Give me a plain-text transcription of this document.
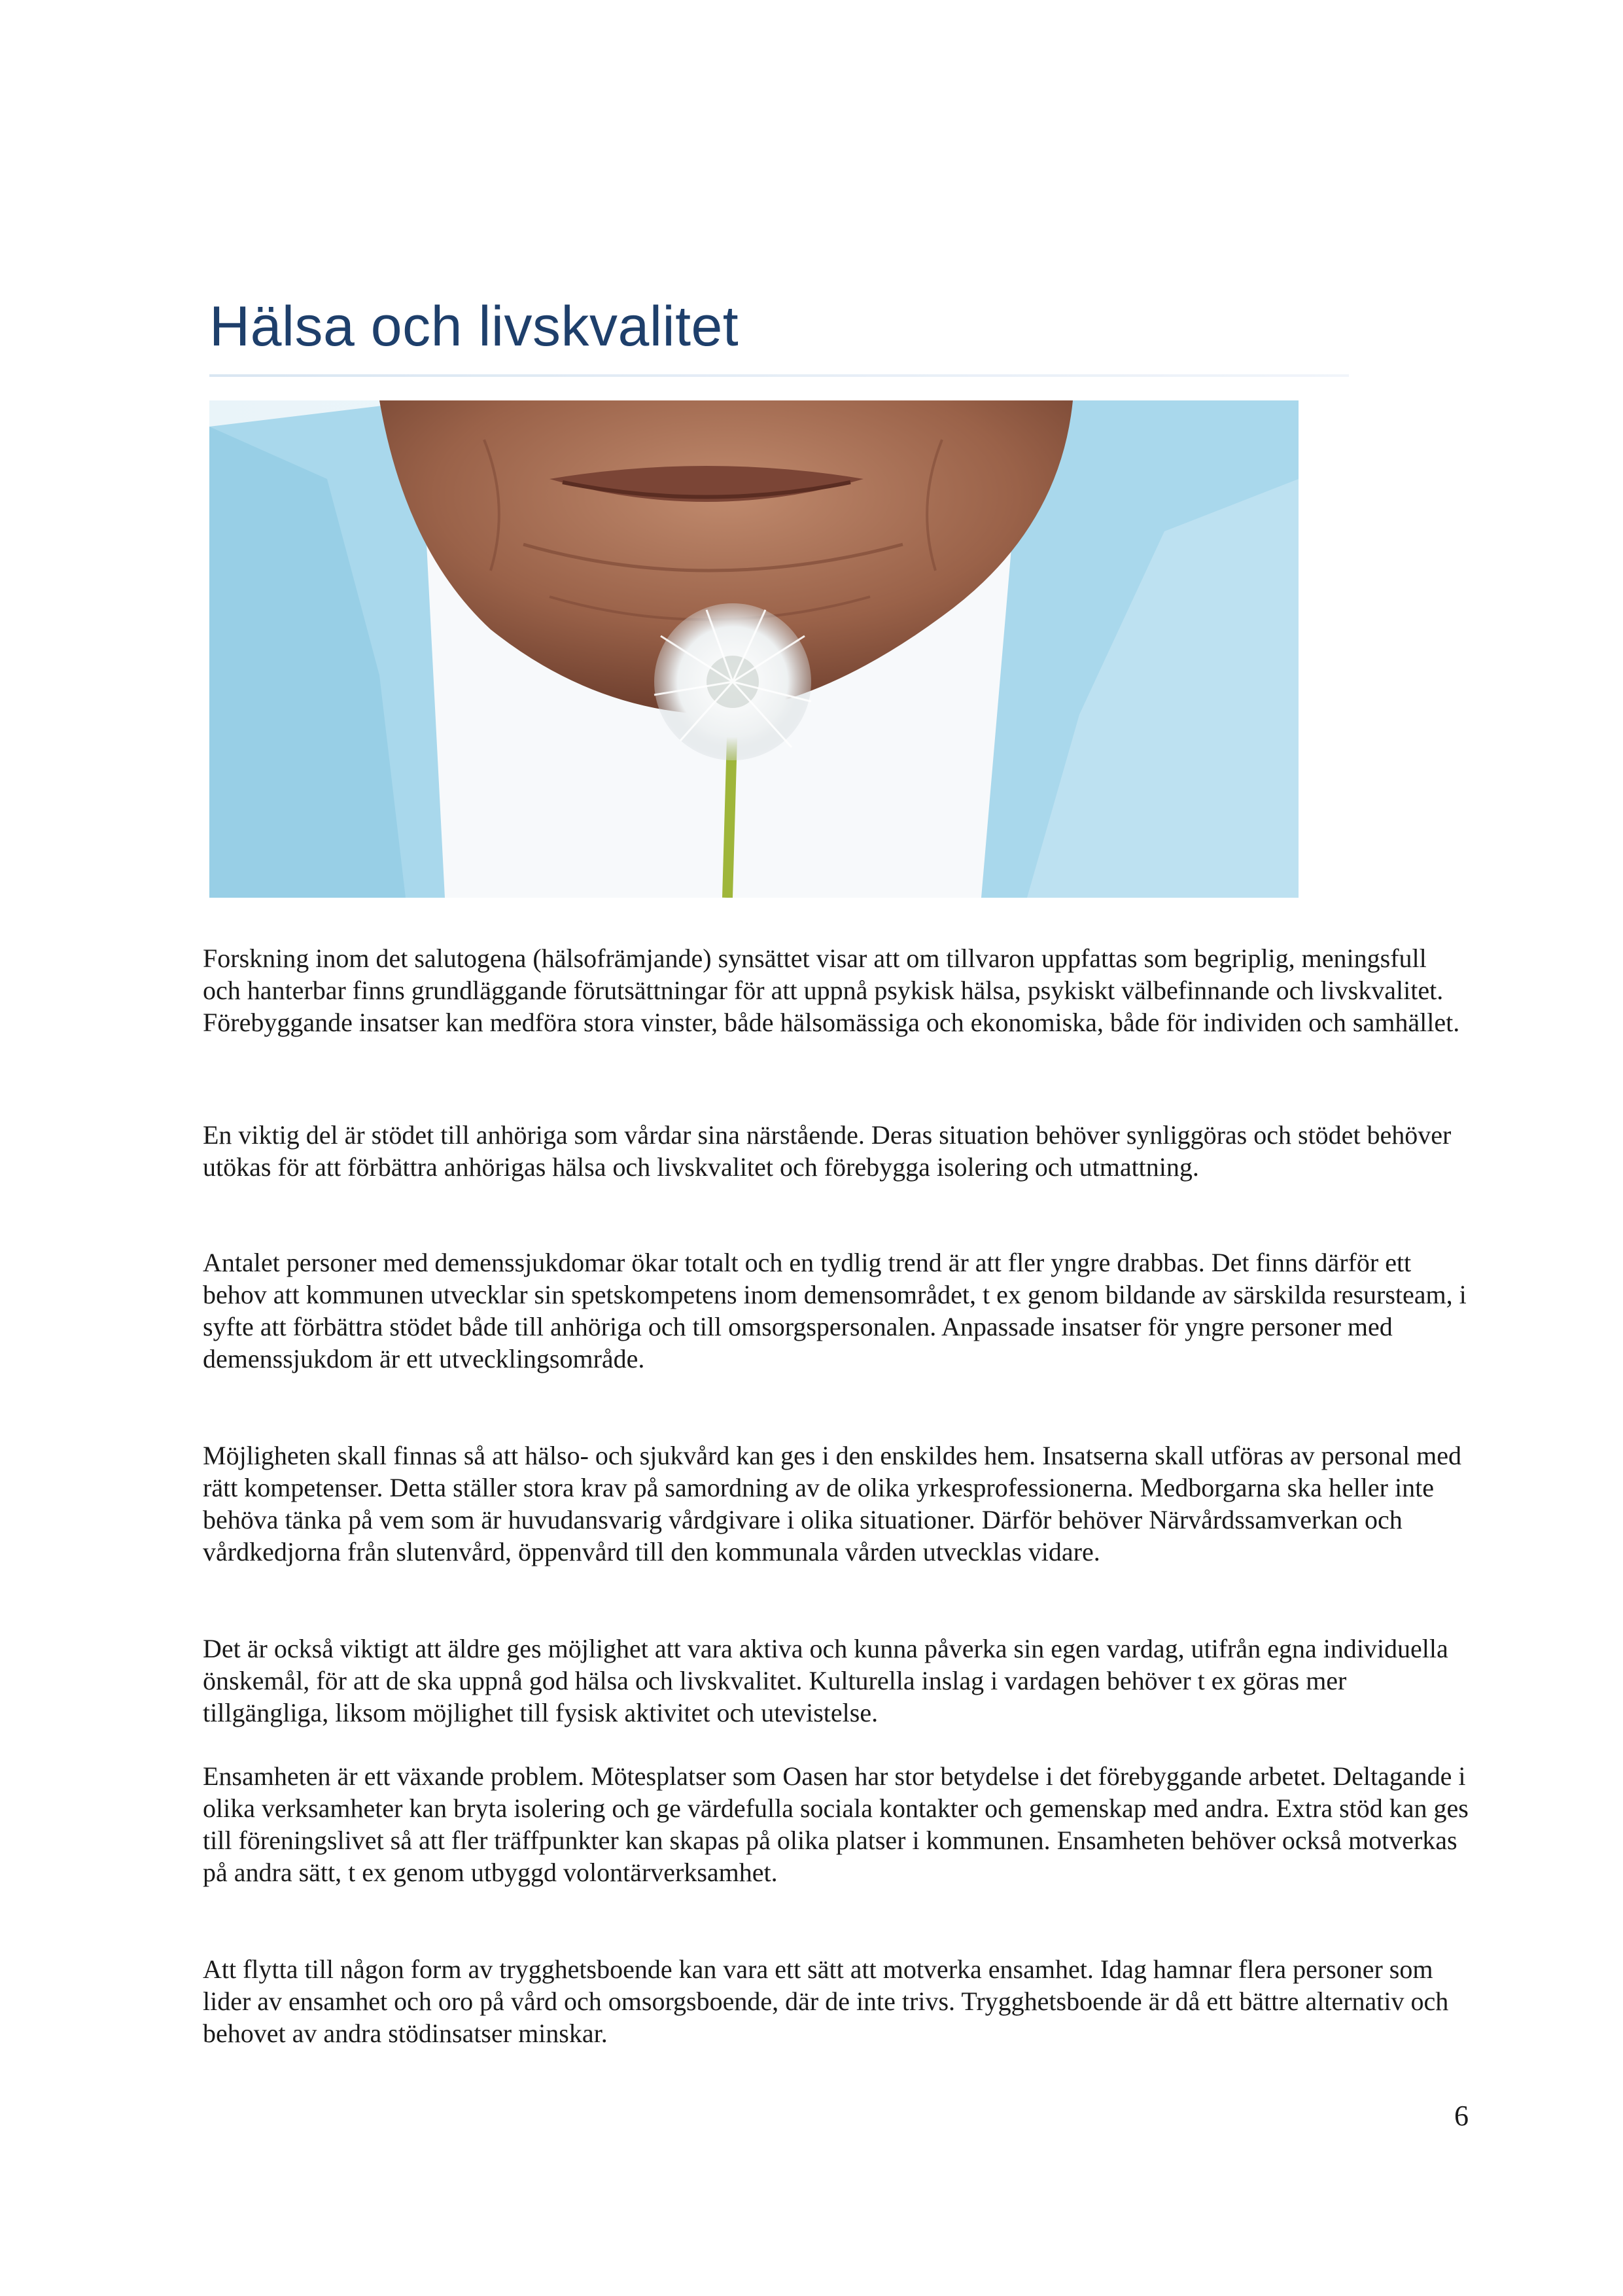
Hälsa och livskvalitet

Forskning inom det salutogena (hälsofrämjande) synsättet visar att om tillvaron uppfattas som begriplig, meningsfull och hanterbar finns grundläggande förutsättningar för att uppnå psykisk hälsa, psykiskt välbefinnande och livskvalitet. Förebyggande insatser kan medföra stora vinster, både hälsomässiga och ekonomiska, både för individen och samhället.

En viktig del är stödet till anhöriga som vårdar sina närstående. Deras situation behöver synliggöras och stödet behöver utökas för att förbättra anhörigas hälsa och livskvalitet och förebygga isolering och utmattning.

Antalet personer med demenssjukdomar ökar totalt och en tydlig trend är att fler yngre drabbas. Det finns därför ett behov att kommunen utvecklar sin spetskompetens inom demensområdet, t ex genom bildande av särskilda resursteam, i syfte att förbättra stödet både till anhöriga och till omsorgspersonalen. Anpassade insatser för yngre personer med demenssjukdom är ett utvecklingsområde.

Möjligheten skall finnas så att hälso- och sjukvård kan ges i den enskildes hem. Insatserna skall utföras av personal med rätt kompetenser. Detta ställer stora krav på samordning av de olika yrkesprofessionerna. Medborgarna ska heller inte behöva tänka på vem som är huvudansvarig vårdgivare i olika situationer. Därför behöver Närvårdssamverkan och vårdkedjorna från slutenvård, öppenvård till den kommunala vården utvecklas vidare.

Det är också viktigt att äldre ges möjlighet att vara aktiva och kunna påverka sin egen vardag, utifrån egna individuella önskemål, för att de ska uppnå god hälsa och livskvalitet. Kulturella inslag i vardagen behöver t ex göras mer tillgängliga, liksom möjlighet till fysisk aktivitet och utevistelse.

Ensamheten är ett växande problem. Mötesplatser som Oasen har stor betydelse i det förebyggande arbetet. Deltagande i olika verksamheter kan bryta isolering och ge värdefulla sociala kontakter och gemenskap med andra. Extra stöd kan ges till föreningslivet så att fler träffpunkter kan skapas på olika platser i kommunen. Ensamheten behöver också motverkas på andra sätt, t ex genom utbyggd volontärverksamhet.

Att flytta till någon form av trygghetsboende kan vara ett sätt att motverka ensamhet. Idag hamnar flera personer som lider av ensamhet och oro på vård och omsorgsboende, där de inte trivs. Trygghetsboende är då ett bättre alternativ och behovet av andra stödinsatser minskar.

6
